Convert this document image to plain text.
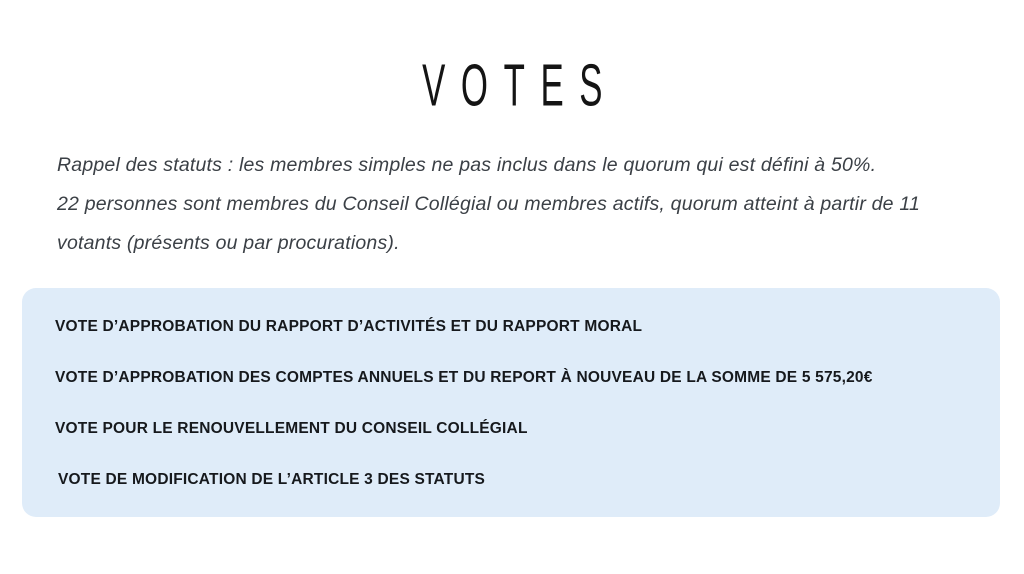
VOTES
Rappel des statuts : les membres simples ne pas inclus dans le quorum qui est défini à 50%.
22 personnes sont membres du Conseil Collégial ou membres actifs, quorum atteint à partir de 11
votants (présents ou par procurations).
VOTE D’APPROBATION DU RAPPORT D’ACTIVITÉS ET DU RAPPORT MORAL
VOTE D’APPROBATION DES COMPTES ANNUELS ET DU REPORT À NOUVEAU DE LA SOMME DE 5 575,20€
VOTE POUR LE RENOUVELLEMENT DU CONSEIL COLLÉGIAL
VOTE DE MODIFICATION DE L’ARTICLE 3 DES STATUTS
